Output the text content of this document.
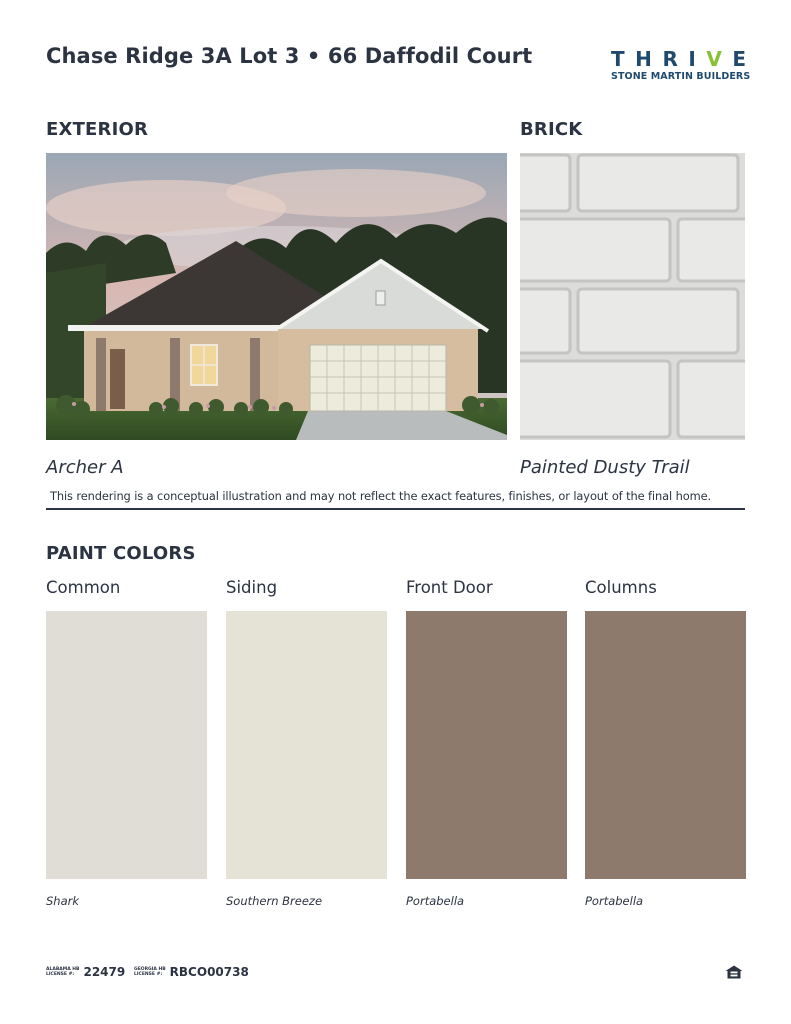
Chase Ridge 3A Lot 3 • 66 Daffodil Court	T H R I V E
STONE MARTIN BUILDERS
EXTERIOR	BRICK
Archer A	Painted Dusty Trail
This rendering is a conceptual illustration and may not reflect the exact features, finishes, or layout of the final home.
PAINT COLORS
Common	Siding	Front Door	Columns
Shark	Southern Breeze	Portabella	Portabella
ALABAMA HB
LICENSE #: 22479 GEORGIA HB
LICENSE #: RBCO00738
